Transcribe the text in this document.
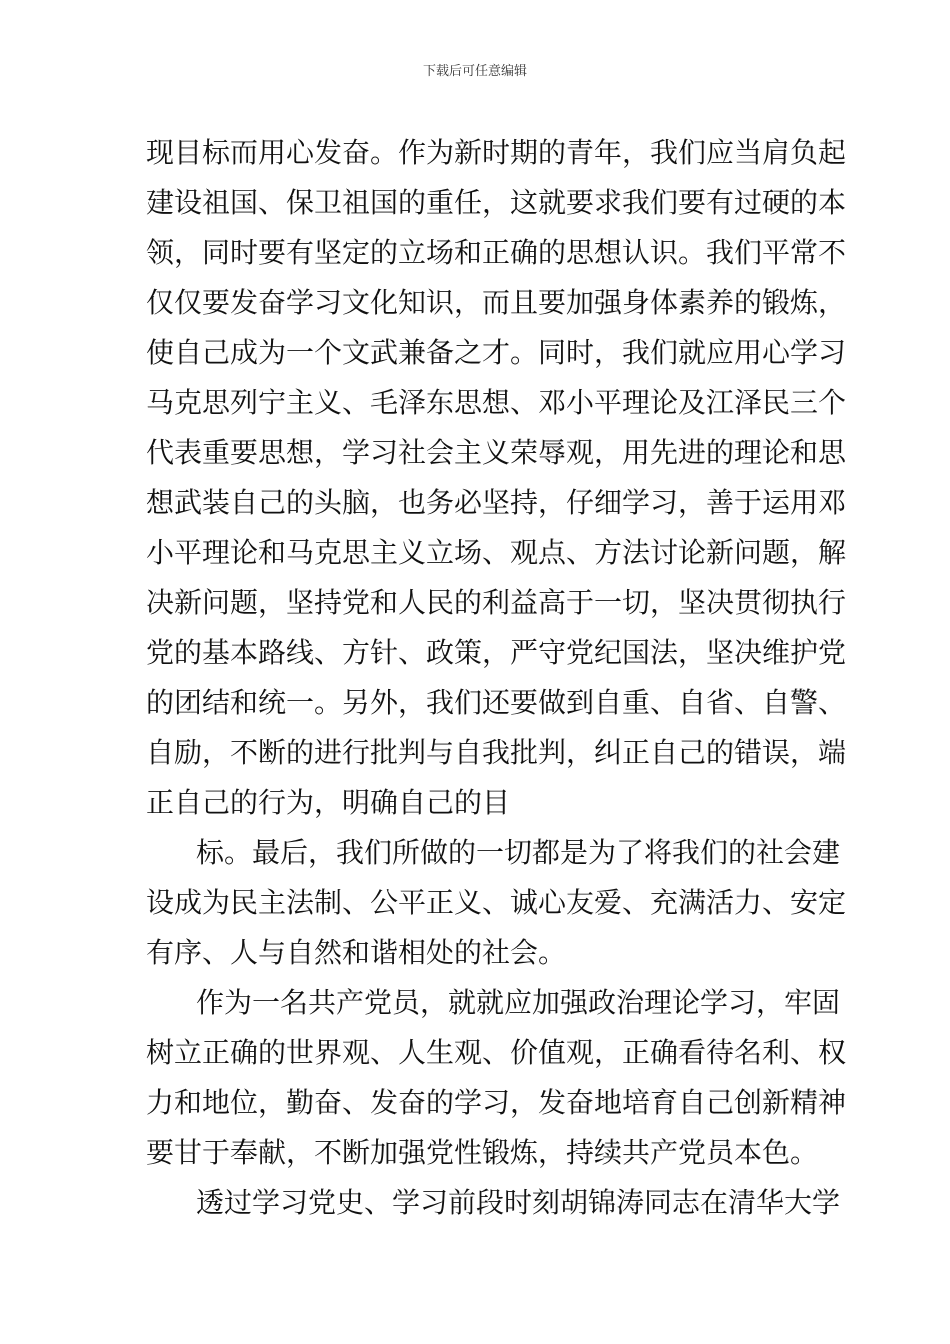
下载后可任意编辑
现目标而用心发奋。作为新时期的青年，我们应当肩负起
建设祖国、保卫祖国的重任，这就要求我们要有过硬的本
领，同时要有坚定的立场和正确的思想认识。我们平常不
仅仅要发奋学习文化知识，而且要加强身体素养的锻炼，
使自己成为一个文武兼备之才。同时，我们就应用心学习
马克思列宁主义、毛泽东思想、邓小平理论及江泽民三个
代表重要思想，学习社会主义荣辱观，用先进的理论和思
想武装自己的头脑，也务必坚持，仔细学习，善于运用邓
小平理论和马克思主义立场、观点、方法讨论新问题，解
决新问题，坚持党和人民的利益高于一切，坚决贯彻执行
党的基本路线、方针、政策，严守党纪国法，坚决维护党
的团结和统一。另外，我们还要做到自重、自省、自警、
自励，不断的进行批判与自我批判，纠正自己的错误，端
正自己的行为，明确自己的目
标。最后，我们所做的一切都是为了将我们的社会建
设成为民主法制、公平正义、诚心友爱、充满活力、安定
有序、人与自然和谐相处的社会。
作为一名共产党员，就就应加强政治理论学习，牢固
树立正确的世界观、人生观、价值观，正确看待名利、权
力和地位，勤奋、发奋的学习，发奋地培育自己创新精神
要甘于奉献，不断加强党性锻炼，持续共产党员本色。
透过学习党史、学习前段时刻胡锦涛同志在清华大学
